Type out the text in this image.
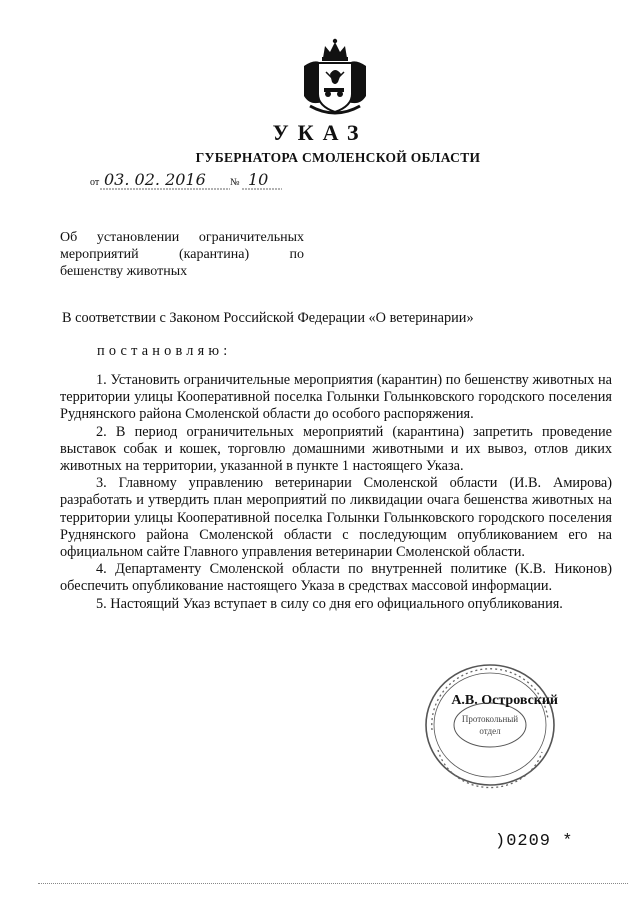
УКАЗ
ГУБЕРНАТОРА СМОЛЕНСКОЙ ОБЛАСТИ
от 03. 02. 2016 № 10
Об установлении ограничительных
мероприятий (карантина) по
бешенству животных
В соответствии с Законом Российской Федерации «О ветеринарии»
постановляю:

1. Установить ограничительные мероприятия (карантин) по бешенству животных на территории улицы Кооперативной поселка Голынки Голынковского городского поселения Руднянского района Смоленской области до особого распоряжения.

2. В период ограничительных мероприятий (карантина) запретить проведение выставок собак и кошек, торговлю домашними животными и их вывоз, отлов диких животных на территории, указанной в пункте 1 настоящего Указа.

3. Главному управлению ветеринарии Смоленской области (И.В. Амирова) разработать и утвердить план мероприятий по ликвидации очага бешенства животных на территории улицы Кооперативной поселка Голынки Голынковского городского поселения Руднянского района Смоленской области с последующим опубликованием его на официальном сайте Главного управления ветеринарии Смоленской области.

4. Департаменту Смоленской области по внутренней политике (К.В. Никонов) обеспечить опубликование настоящего Указа в средствах массовой информации.

5. Настоящий Указ вступает в силу со дня его официального опубликования.

Протокольный
отдел
А.В. Островский
)0209 *
